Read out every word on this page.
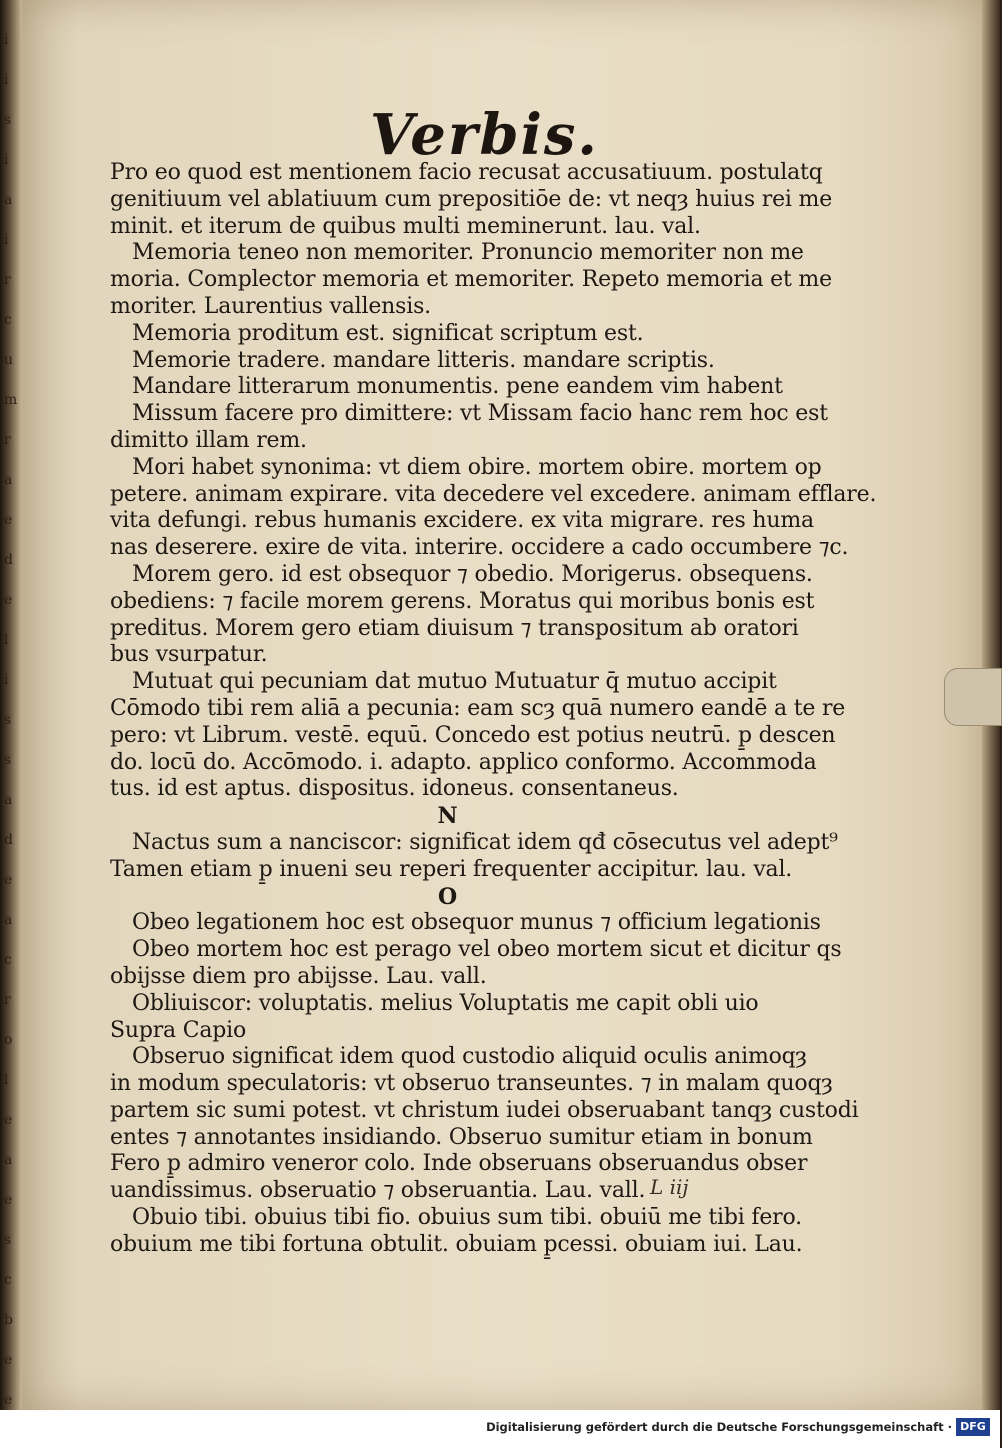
i
i
s
i
a
i
r
c
u
m
r
a
e
d
e
l
i
s
s
a
d
e
a
c
r
o
l
e
a
e
s
c
b
e
e
Verbis.
Pro eo quod est mentionem facio recusat accusatiuum. postulatq
genitiuum vel ablatiuum cum prepositiōe de: vt neqȝ huius rei me
minit. et iterum de quibus multi meminerunt. lau. val.
Memoria teneo non memoriter. Pronuncio memoriter non me
moria. Complector memoria et memoriter. Repeto memoria et me
moriter. Laurentius vallensis.
Memoria proditum est. significat scriptum est.
Memorie tradere. mandare litteris. mandare scriptis.
Mandare litterarum monumentis. pene eandem vim habent
Missum facere pro dimittere: vt Missam facio hanc rem hoc est
dimitto illam rem.
Mori habet synonima: vt diem obire. mortem obire. mortem op
petere. animam expirare. vita decedere vel excedere. animam efflare.
vita defungi. rebus humanis excidere. ex vita migrare. res huma
nas deserere. exire de vita. interire. occidere a cado occumbere ⁊c.
Morem gero. id est obsequor ⁊ obedio. Morigerus. obsequens.
obediens: ⁊ facile morem gerens. Moratus qui moribus bonis est
preditus. Morem gero etiam diuisum ⁊ transpositum ab oratori
bus vsurpatur.
Mutuat qui pecuniam dat mutuo Mutuatur q̄ mutuo accipit
Cōmodo tibi rem aliā a pecunia: eam scȝ quā numero eandē a te re
pero: vt Librum. vestē. equū. Concedo est potius neutrū. p̱ descen
do. locū do. Accōmodo. i. adapto. applico conformo. Accommoda
tus. id est aptus. dispositus. idoneus. consentaneus.
N
Nactus sum a nanciscor: significat idem qđ cōsecutus vel adept⁹
Tamen etiam p̱ inueni seu reperi frequenter accipitur. lau. val.
O
Obeo legationem hoc est obsequor munus ⁊ officium legationis
Obeo mortem hoc est perago vel obeo mortem sicut et dicitur qs
obijsse diem pro abijsse. Lau. vall.
Obliuiscor: voluptatis. melius Voluptatis me capit obli uio
Supra Capio
Obseruo significat idem quod custodio aliquid oculis animoqȝ
in modum speculatoris: vt obseruo transeuntes. ⁊ in malam quoqȝ
partem sic sumi potest. vt christum iudei obseruabant tanqȝ custodi
entes ⁊ annotantes insidiando. Obseruo sumitur etiam in bonum
Fero p̱ admiro veneror colo. Inde obseruans obseruandus obser
uandissimus. obseruatio ⁊ obseruantia. Lau. vall.
Obuio tibi. obuius tibi fio. obuius sum tibi. obuiū me tibi fero.
obuium me tibi fortuna obtulit. obuiam p̱cessi. obuiam iui. Lau.
L iij
Digitalisierung gefördert durch die Deutsche Forschungsgemeinschaft · DFG
